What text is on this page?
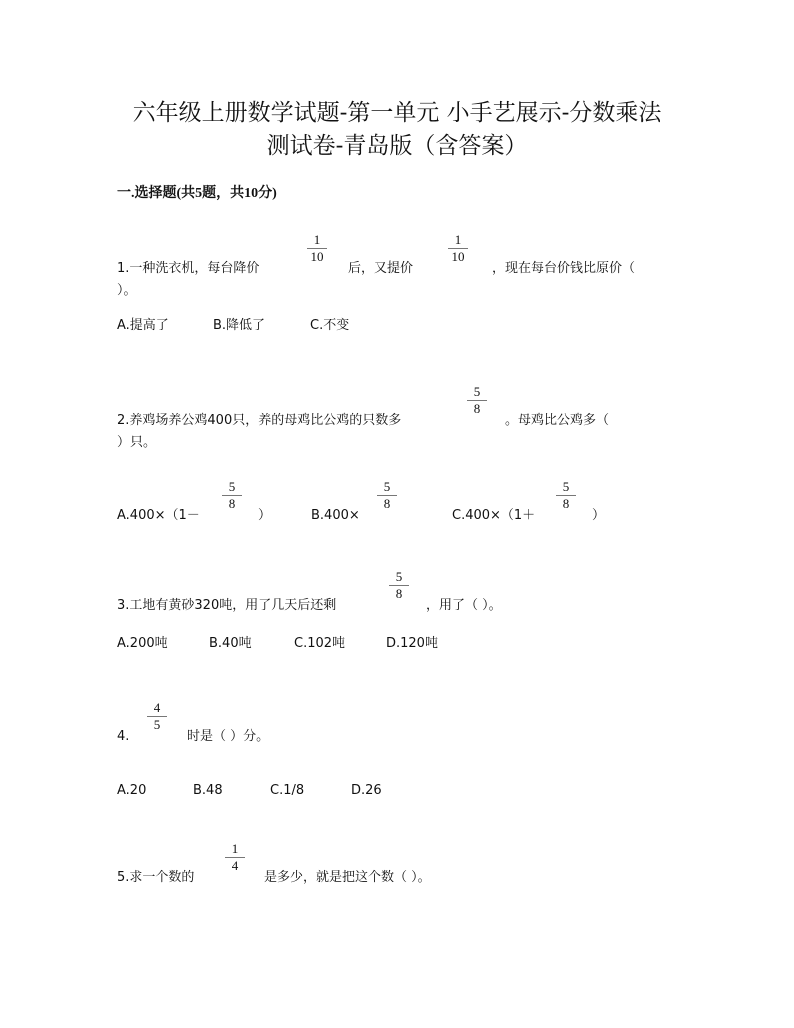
六年级上册数学试题-第一单元 小手艺展示-分数乘法
测试卷-青岛版（含答案）
一.选择题(共5题，共10分)
1.一种洗衣机，每台降价
1
10
后，又提价
1
10
，现在每台价钱比原价（
）。
A.提高了	B.降低了	C.不变
2.养鸡场养公鸡400只，养的母鸡比公鸡的只数多
5
8
。母鸡比公鸡多（
）只。
A.400×（1－
5
8
）	B.400×
5
8
C.400×（1＋
5
8
）
3.工地有黄砂320吨，用了几天后还剩
5
8
，用了（ ）。
A.200吨	B.40吨	C.102吨	D.120吨
4.
4
5
时是（ ）分。
A.20	B.48	C.1/8	D.26
5.求一个数的
1
4
是多少，就是把这个数（ ）。
